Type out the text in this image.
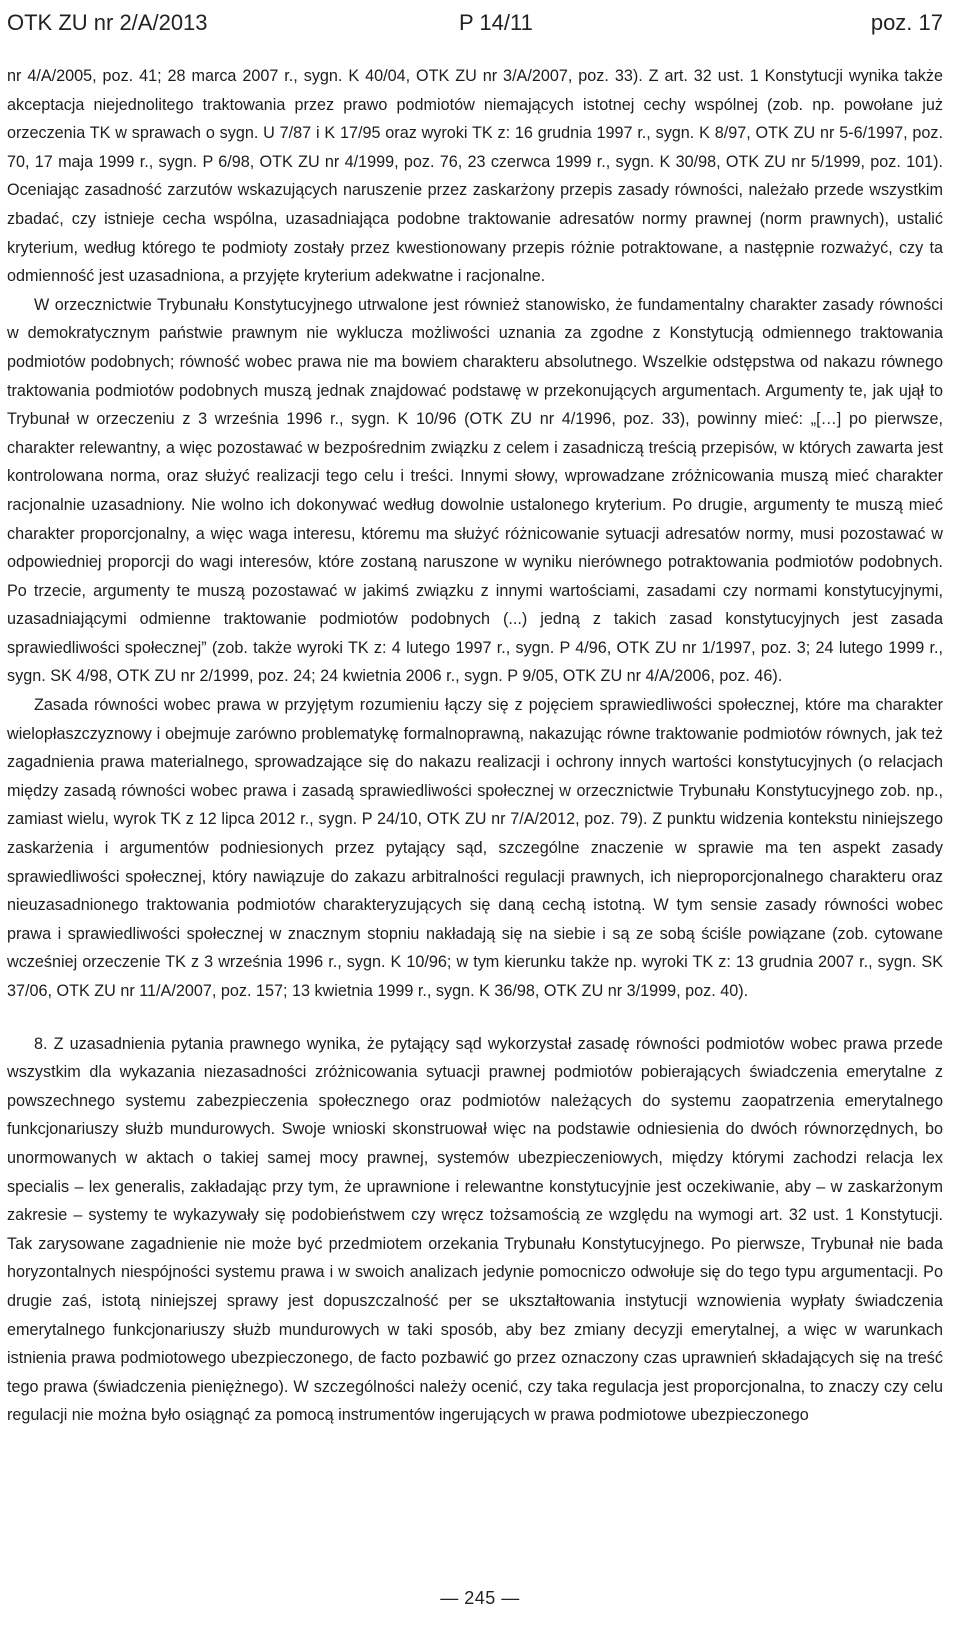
OTK ZU nr 2/A/2013	P 14/11	poz. 17

nr 4/A/2005, poz. 41; 28 marca 2007 r., sygn. K 40/04, OTK ZU nr 3/A/2007, poz. 33). Z art. 32 ust. 1 Konstytucji wynika także akceptacja niejednolitego traktowania przez prawo podmiotów niemających istotnej cechy wspólnej (zob. np. powołane już orzeczenia TK w sprawach o sygn. U 7/87 i K 17/95 oraz wyroki TK z: 16 grudnia 1997 r., sygn. K 8/97, OTK ZU nr 5-6/1997, poz. 70, 17 maja 1999 r., sygn. P 6/98, OTK ZU nr 4/1999, poz. 76, 23 czerwca 1999 r., sygn. K 30/98, OTK ZU nr 5/1999, poz. 101). Oceniając zasadność zarzutów wskazujących naruszenie przez zaskarżony przepis zasady równości, należało przede wszystkim zbadać, czy istnieje cecha wspólna, uzasadniająca podobne traktowanie adresatów normy prawnej (norm prawnych), ustalić kryterium, według którego te podmioty zostały przez kwestionowany przepis różnie potraktowane, a następnie rozważyć, czy ta odmienność jest uzasadniona, a przyjęte kryterium adekwatne i racjonalne.

W orzecznictwie Trybunału Konstytucyjnego utrwalone jest również stanowisko, że fundamentalny charakter zasady równości w demokratycznym państwie prawnym nie wyklucza możliwości uznania za zgodne z Konstytucją odmiennego traktowania podmiotów podobnych; równość wobec prawa nie ma bowiem charakteru absolutnego. Wszelkie odstępstwa od nakazu równego traktowania podmiotów podobnych muszą jednak znajdować podstawę w przekonujących argumentach. Argumenty te, jak ujął to Trybunał w orzeczeniu z 3 września 1996 r., sygn. K 10/96 (OTK ZU nr 4/1996, poz. 33), powinny mieć: „[…] po pierwsze, charakter relewantny, a więc pozostawać w bezpośrednim związku z celem i zasadniczą treścią przepisów, w których zawarta jest kontrolowana norma, oraz służyć realizacji tego celu i treści. Innymi słowy, wprowadzane zróżnicowania muszą mieć charakter racjonalnie uzasadniony. Nie wolno ich dokonywać według dowolnie ustalonego kryterium. Po drugie, argumenty te muszą mieć charakter proporcjonalny, a więc waga interesu, któremu ma służyć różnicowanie sytuacji adresatów normy, musi pozostawać w odpowiedniej proporcji do wagi interesów, które zostaną naruszone w wyniku nierównego potraktowania podmiotów podobnych. Po trzecie, argumenty te muszą pozostawać w jakimś związku z innymi wartościami, zasadami czy normami konstytucyjnymi, uzasadniającymi odmienne traktowanie podmiotów podobnych (...) jedną z takich zasad konstytucyjnych jest zasada sprawiedliwości społecznej” (zob. także wyroki TK z: 4 lutego 1997 r., sygn. P 4/96, OTK ZU nr 1/1997, poz. 3; 24 lutego 1999 r., sygn. SK 4/98, OTK ZU nr 2/1999, poz. 24; 24 kwietnia 2006 r., sygn. P 9/05, OTK ZU nr 4/A/2006, poz. 46).

Zasada równości wobec prawa w przyjętym rozumieniu łączy się z pojęciem sprawiedliwości społecznej, które ma charakter wielopłaszczyznowy i obejmuje zarówno problematykę formalnoprawną, nakazując równe traktowanie podmiotów równych, jak też zagadnienia prawa materialnego, sprowadzające się do nakazu realizacji i ochrony innych wartości konstytucyjnych (o relacjach między zasadą równości wobec prawa i zasadą sprawiedliwości społecznej w orzecznictwie Trybunału Konstytucyjnego zob. np., zamiast wielu, wyrok TK z 12 lipca 2012 r., sygn. P 24/10, OTK ZU nr 7/A/2012, poz. 79). Z punktu widzenia kontekstu niniejszego zaskarżenia i argumentów podniesionych przez pytający sąd, szczególne znaczenie w sprawie ma ten aspekt zasady sprawiedliwości społecznej, który nawiązuje do zakazu arbitralności regulacji prawnych, ich nieproporcjonalnego charakteru oraz nieuzasadnionego traktowania podmiotów charakteryzujących się daną cechą istotną. W tym sensie zasady równości wobec prawa i sprawiedliwości społecznej w znacznym stopniu nakładają się na siebie i są ze sobą ściśle powiązane (zob. cytowane wcześniej orzeczenie TK z 3 września 1996 r., sygn. K 10/96; w tym kierunku także np. wyroki TK z: 13 grudnia 2007 r., sygn. SK 37/06, OTK ZU nr 11/A/2007, poz. 157; 13 kwietnia 1999 r., sygn. K 36/98, OTK ZU nr 3/1999, poz. 40).

8. Z uzasadnienia pytania prawnego wynika, że pytający sąd wykorzystał zasadę równości podmiotów wobec prawa przede wszystkim dla wykazania niezasadności zróżnicowania sytuacji prawnej podmiotów pobierających świadczenia emerytalne z powszechnego systemu zabezpieczenia społecznego oraz podmiotów należących do systemu zaopatrzenia emerytalnego funkcjonariuszy służb mundurowych. Swoje wnioski skonstruował więc na podstawie odniesienia do dwóch równorzędnych, bo unormowanych w aktach o takiej samej mocy prawnej, systemów ubezpieczeniowych, między którymi zachodzi relacja lex specialis – lex generalis, zakładając przy tym, że uprawnione i relewantne konstytucyjnie jest oczekiwanie, aby – w zaskarżonym zakresie – systemy te wykazywały się podobieństwem czy wręcz tożsamością ze względu na wymogi art. 32 ust. 1 Konstytucji. Tak zarysowane zagadnienie nie może być przedmiotem orzekania Trybunału Konstytucyjnego. Po pierwsze, Trybunał nie bada horyzontalnych niespójności systemu prawa i w swoich analizach jedynie pomocniczo odwołuje się do tego typu argumentacji. Po drugie zaś, istotą niniejszej sprawy jest dopuszczalność per se ukształtowania instytucji wznowienia wypłaty świadczenia emerytalnego funkcjonariuszy służb mundurowych w taki sposób, aby bez zmiany decyzji emerytalnej, a więc w warunkach istnienia prawa podmiotowego ubezpieczonego, de facto pozbawić go przez oznaczony czas uprawnień składających się na treść tego prawa (świadczenia pieniężnego). W szczególności należy ocenić, czy taka regulacja jest proporcjonalna, to znaczy czy celu regulacji nie można było osiągnąć za pomocą instrumentów ingerujących w prawa podmiotowe ubezpieczonego

— 245 —
